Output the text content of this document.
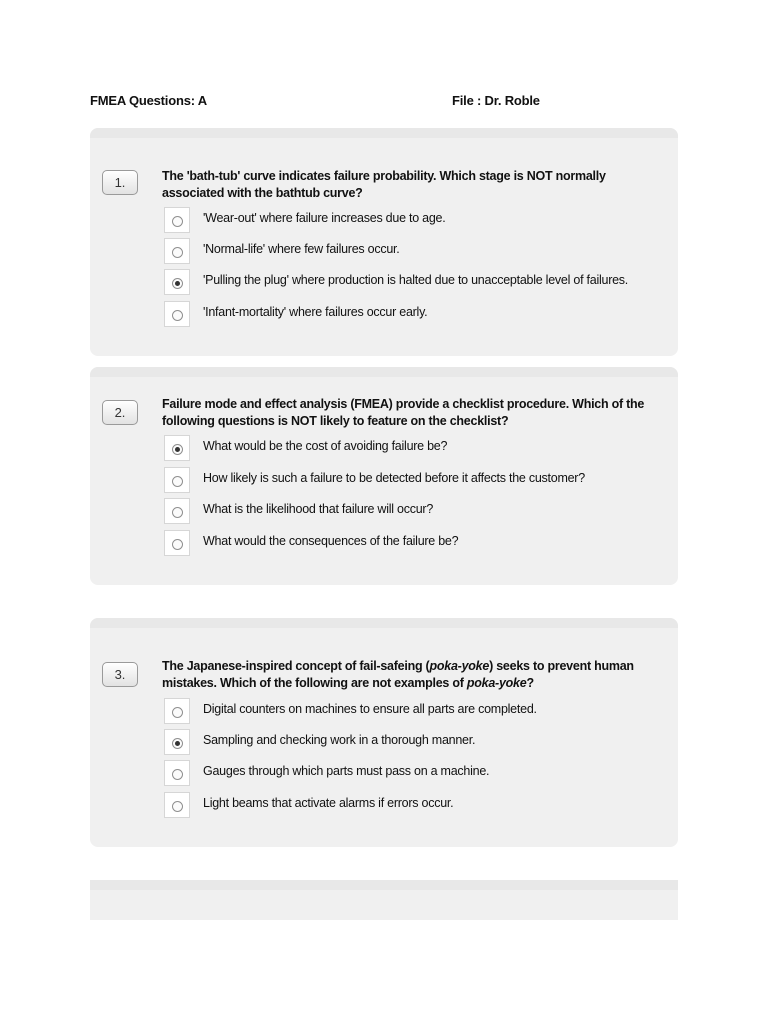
FMEA Questions: A	File : Dr. Roble
1.	The 'bath-tub' curve indicates failure probability. Which stage is NOT normally
associated with the bathtub curve?
'Wear-out' where failure increases due to age.
'Normal-life' where few failures occur.
'Pulling the plug' where production is halted due to unacceptable level of failures.
'Infant-mortality' where failures occur early.
2.
Failure mode and effect analysis (FMEA) provide a checklist procedure. Which of the
following questions is NOT likely to feature on the checklist?
What would be the cost of avoiding failure be?
How likely is such a failure to be detected before it affects the customer?
What is the likelihood that failure will occur?
What would the consequences of the failure be?
3.
The Japanese-inspired concept of fail-safeing (poka-yoke) seeks to prevent human
mistakes. Which of the following are not examples of poka-yoke?
Digital counters on machines to ensure all parts are completed.
Sampling and checking work in a thorough manner.
Gauges through which parts must pass on a machine.
Light beams that activate alarms if errors occur.
